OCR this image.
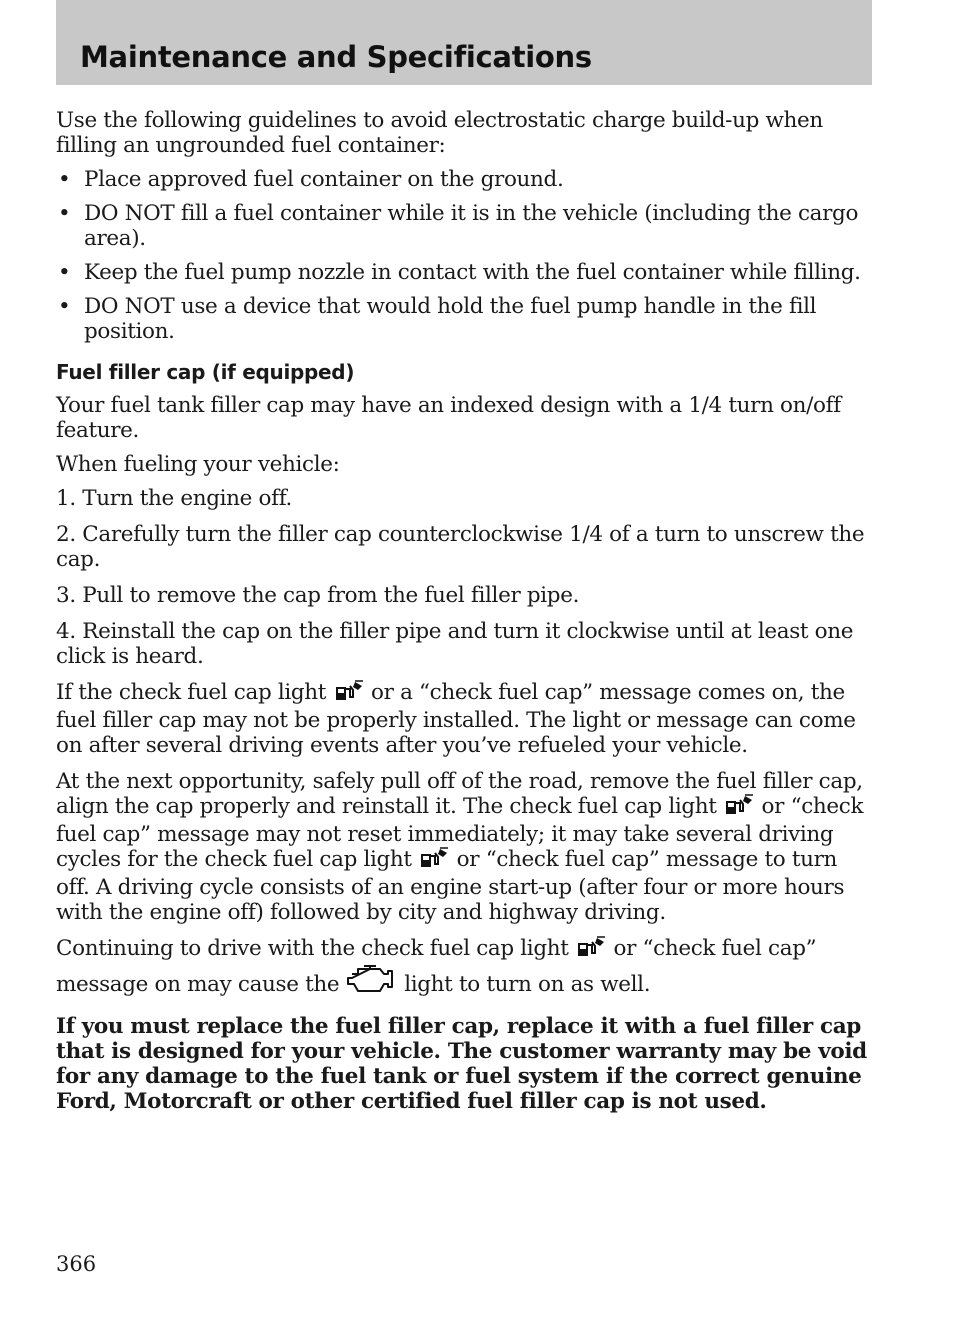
Maintenance and Specifications

Use the following guidelines to avoid electrostatic charge build-up when filling an ungrounded fuel container:

• Place approved fuel container on the ground.
• DO NOT fill a fuel container while it is in the vehicle (including the cargo area).
• Keep the fuel pump nozzle in contact with the fuel container while filling.
• DO NOT use a device that would hold the fuel pump handle in the fill position.
Fuel filler cap (if equipped)

Your fuel tank filler cap may have an indexed design with a 1/4 turn on/off feature.

When fueling your vehicle:

1. Turn the engine off.

2. Carefully turn the filler cap counterclockwise 1/4 of a turn to unscrew the cap.

3. Pull to remove the cap from the fuel filler pipe.

4. Reinstall the cap on the filler pipe and turn it clockwise until at least one click is heard.

If the check fuel cap light  or a “check fuel cap” message comes on, the fuel filler cap may not be properly installed. The light or message can come on after several driving events after you’ve refueled your vehicle.

At the next opportunity, safely pull off of the road, remove the fuel filler cap, align the cap properly and reinstall it. The check fuel cap light  or “check fuel cap” message may not reset immediately; it may take several driving cycles for the check fuel cap light  or “check fuel cap” message to turn off. A driving cycle consists of an engine start-up (after four or more hours with the engine off) followed by city and highway driving.

Continuing to drive with the check fuel cap light  or “check fuel cap” message on may cause the  light to turn on as well.

If you must replace the fuel filler cap, replace it with a fuel filler cap that is designed for your vehicle. The customer warranty may be void for any damage to the fuel tank or fuel system if the correct genuine Ford, Motorcraft or other certified fuel filler cap is not used.

366
